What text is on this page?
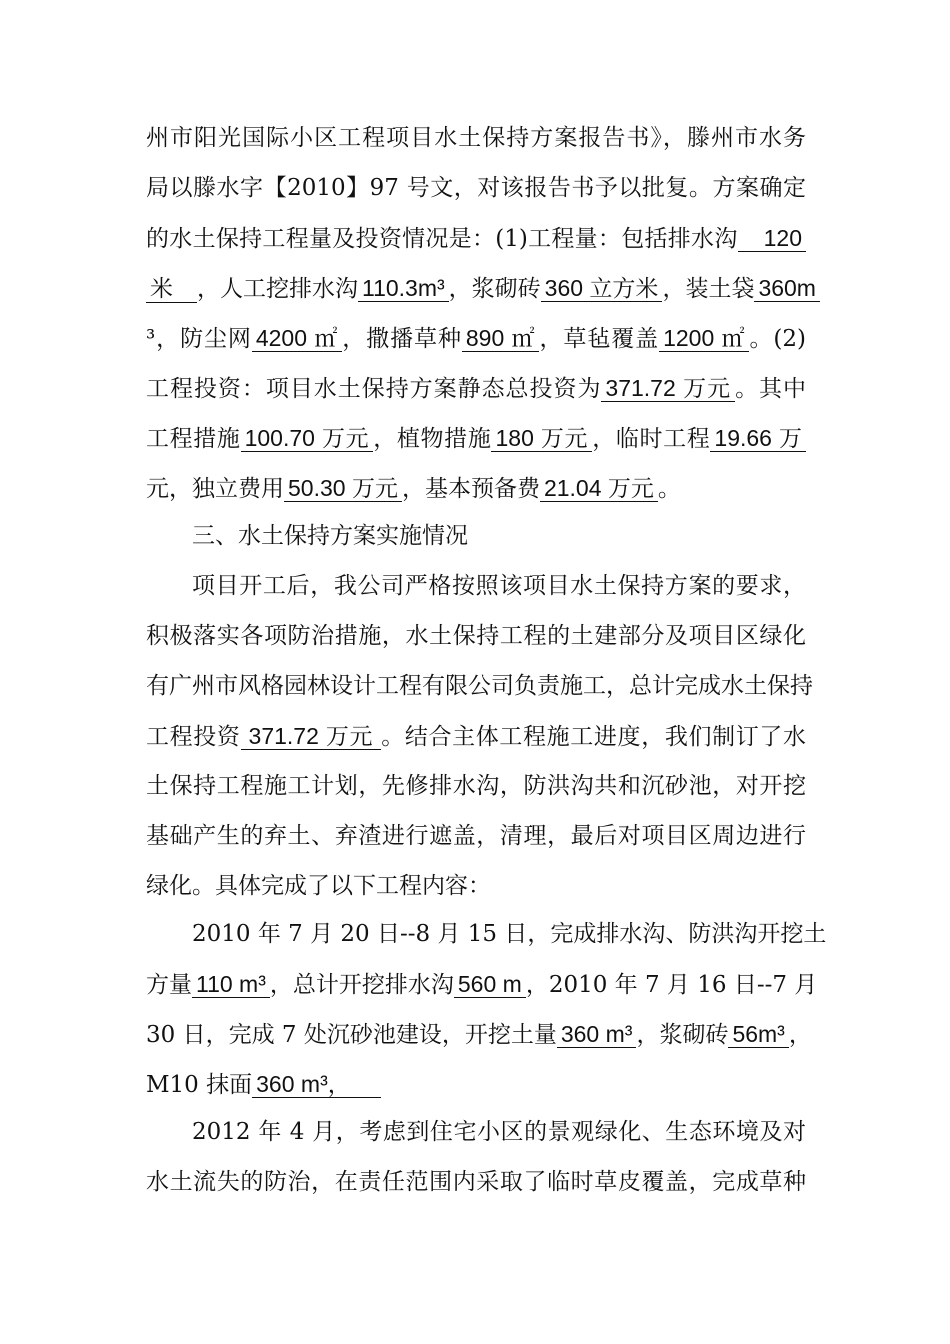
州市阳光国际小区工程项目水土保持方案报告书》，滕州市水务
局以滕水字【2010】97 号文，对该报告书予以批复。方案确定
的水土保持工程量及投资情况是：(1)工程量：包括排水沟 120
米 ，人工挖排水沟 110.3m³ ，浆砌砖 360 立方米 ，装土袋 360m
³，防尘网 4200 ㎡ ，撒播草种 890 ㎡ ，草毡覆盖 1200 ㎡ 。(2)
工程投资：项目水土保持方案静态总投资为 371.72 万元 。其中
工程措施 100.70 万元 ，植物措施 180 万元 ，临时工程 19.66 万
元，独立费用 50.30 万元 ，基本预备费 21.04 万元 。
三、水土保持方案实施情况
项目开工后，我公司严格按照该项目水土保持方案的要求，
积极落实各项防治措施，水土保持工程的土建部分及项目区绿化
有广州市风格园林设计工程有限公司负责施工，总计完成水土保持
工程投资 371.72 万元 。结合主体工程施工进度，我们制订了水
土保持工程施工计划，先修排水沟，防洪沟共和沉砂池，对开挖
基础产生的弃土、弃渣进行遮盖，清理，最后对项目区周边进行
绿化。具体完成了以下工程内容：
2010 年 7 月 20 日--8 月 15 日，完成排水沟、防洪沟开挖土
方量 110 m³ ，总计开挖排水沟 560 m ，2010 年 7 月 16 日--7 月
30 日，完成 7 处沉砂池建设，开挖土量 360 m³ ，浆砌砖 56m³ ，
M10 抹面 360 m³，
2012 年 4 月，考虑到住宅小区的景观绿化、生态环境及对
水土流失的防治，在责任范围内采取了临时草皮覆盖，完成草种
